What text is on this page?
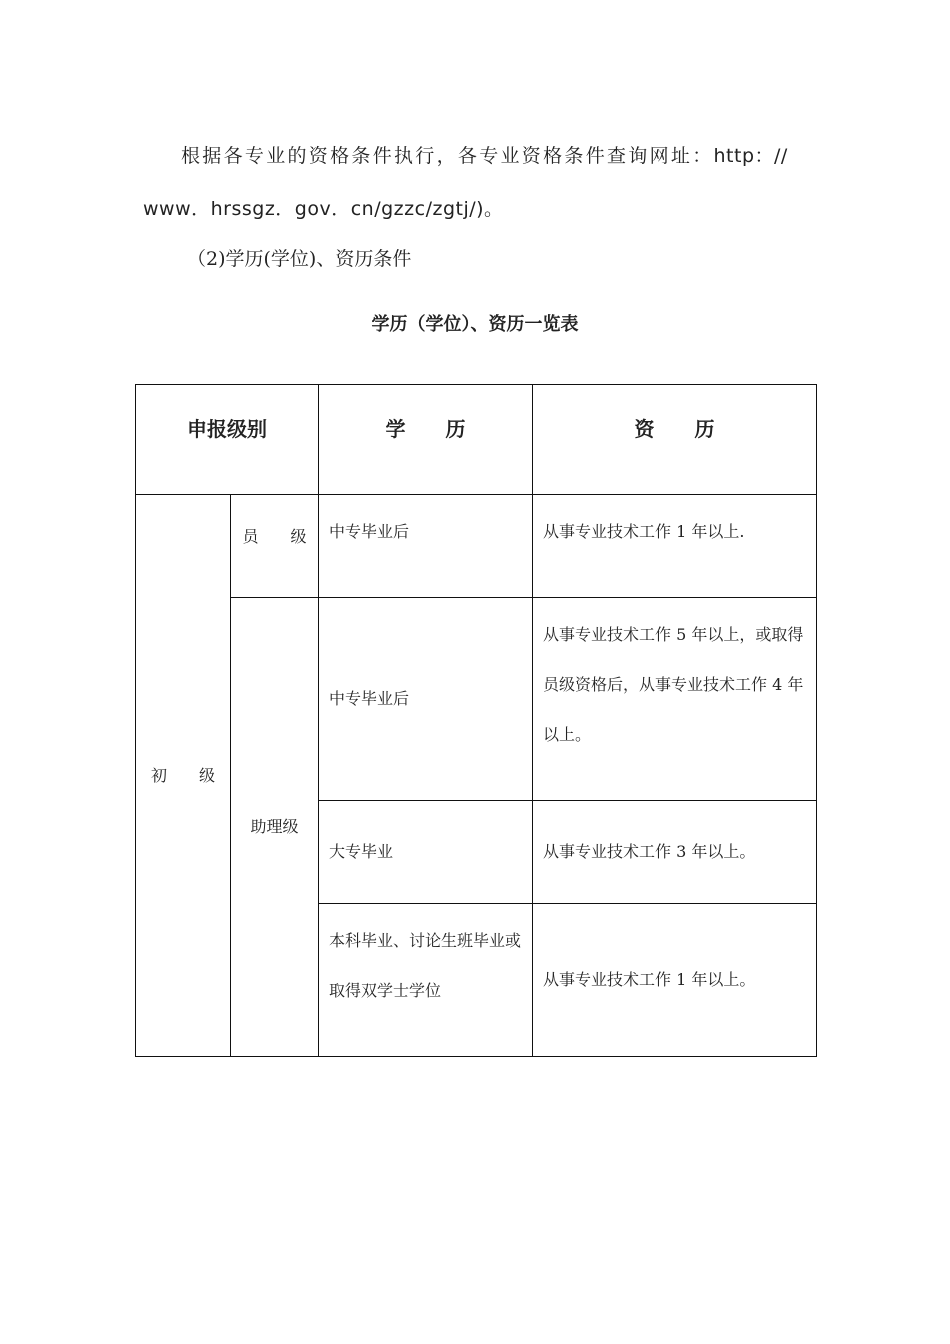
根据各专业的资格条件执行，各专业资格条件查询网址：http：// www．hrssgz．gov．cn/gzzc/zgtj/)。

（2)学历(学位)、资历条件

学历（学位）、资历一览表

申报级别		学　　历	资　　历
初　　级	员　　级	中专毕业后	从事专业技术工作 1 年以上.
	助理级	中专毕业后	从事专业技术工作 5 年以上，或取得员级资格后，从事专业技术工作 4 年以上。
		大专毕业	从事专业技术工作 3 年以上。
		本科毕业、讨论生班毕业或取得双学士学位	从事专业技术工作 1 年以上。
